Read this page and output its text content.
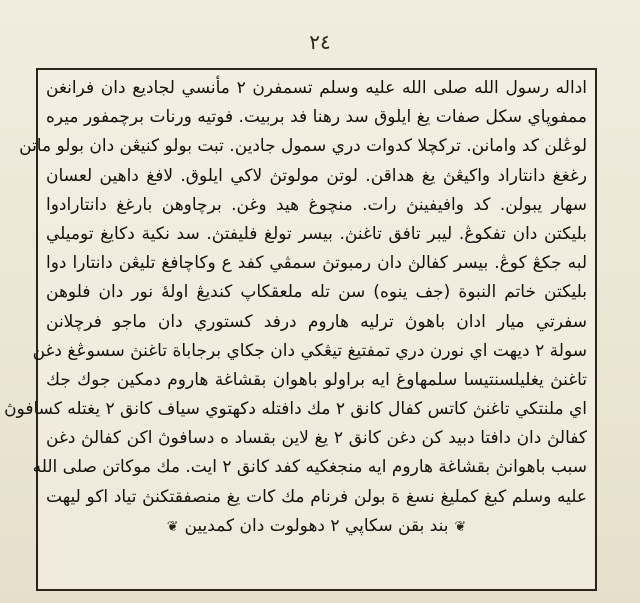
٢٤
اداله رسول الله صلى الله عليه وسلم تسمفرن ٢ مأنسي لجاديع دان فرانغن
ممفوپاي سكل صفات يغ ايلوق سد رهنا فد بربيت. فوتيه ورنات برچمفور ميره
لوڠلن كد وامانن. تركچلا كدوات دري سمول جادين. تبت بولو كنيڠن دان بولو ماتن
رغغغ دانتاراد واكيڠڽ يغ هداقن. لوتن مولوتڽ لاكي ايلوق. لافغ داهين لعسان
سهار يبولن. كد وافيفينڽ رات. منچوغ هيد وغن. برچاوهن بارغغ دانتارادوا
بليكتن دان تفكوڠ. ليبر تافق تاغنڽ. بيسر تولغ فليفتڽ. سد نكية دكايغ توميلي
لبه جكڠ كوڠ. بيسر كفالڽ دان رمبوتڽ سمڤي كفد ع وكاچافغ تليڠن دانتارا دوا
بليكتن خاتم النبوة (جف ينوه) سن تله ملعقكاپ كنديڠ اولهٔ نور دان فلوهن
سفرتي ميار ادان باهوڽ ترليه هاروم درفد كستوري دان ماجو فرچلانن
سولة ٢ ديهت اي نورن دري تمفتيغ تيڠكي دان جكاي برجاباة تاغنڽ سسوڠغ دغن
تاغنڽ يغليلسنتيسا سلمهاوغ ايه براولو باهوان بقشاغة هاروم دمكين جوك جك
اي ملنتكي تاغنڽ كاتس كفال كانق ٢ مك دافتله دكهتوي سياف كانق ٢ يغتله كسافوڽ
كفالڽ دان دافتا دبيد كن دغن كانق ٢ يغ لاين بقساد ه دسافوڽ اكن كفالڽ دغن
سبب باهوانڽ بقشاغة هاروم ايه منجغكيه كفد كانق ٢ ايت. مك موكاتن صلى الله
عليه وسلم كبغ كمليغ نسغ ة بولن فرنام مك كات يغ منصفقتكنڽ تياد اكو ليهت
❦بند بقن سكاپي ٢ دهولوت دان كمديين❦
